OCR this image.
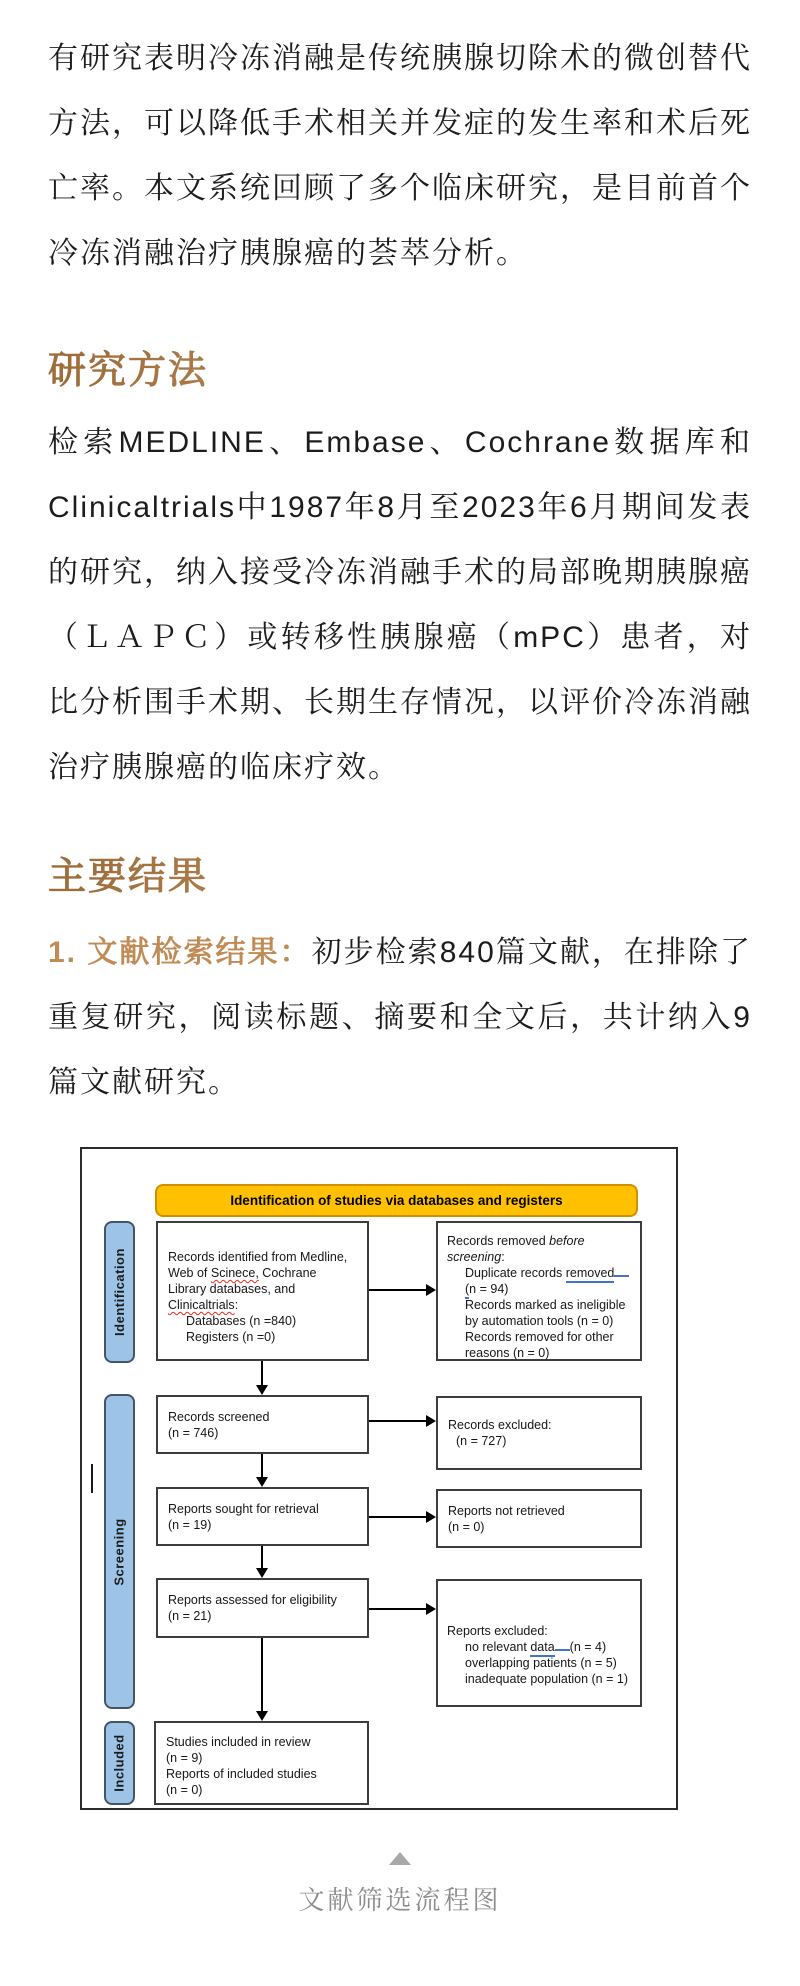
有研究表明冷冻消融是传统胰腺切除术的微创替代方法，可以降低手术相关并发症的发生率和术后死亡率。本文系统回顾了多个临床研究，是目前首个冷冻消融治疗胰腺癌的荟萃分析。

研究方法

检索MEDLINE、Embase、Cochrane数据库和Clinicaltrials中1987年8月至2023年6月期间发表的研究，纳入接受冷冻消融手术的局部晚期胰腺癌（ＬＡＰＣ）或转移性胰腺癌（mPC）患者，对比分析围手术期、长期生存情况，以评价冷冻消融治疗胰腺癌的临床疗效。

主要结果

1. 文献检索结果：初步检索840篇文献，在排除了重复研究，阅读标题、摘要和全文后，共计纳入9篇文献研究。

Identification of studies via databases and registers
Identification
Screening
Included
Records identified from Medline,
Web of Scinece, Cochrane
Library databases, and
Clinicaltrials:
Databases (n =840)
Registers (n =0)
Records removed before
screening:
Duplicate records removed
(n = 94)
Records marked as ineligible
by automation tools (n = 0)
Records removed for other
reasons (n = 0)
Records screened
(n = 746)
Records excluded:
(n = 727)
Reports sought for retrieval
(n = 19)
Reports not retrieved
(n = 0)
Reports assessed for eligibility
(n = 21)
Reports excluded:
no relevant data (n = 4)
overlapping patients (n = 5)
inadequate population (n = 1)
Studies included in review
(n = 9)
Reports of included studies
(n = 0)
文献筛选流程图
